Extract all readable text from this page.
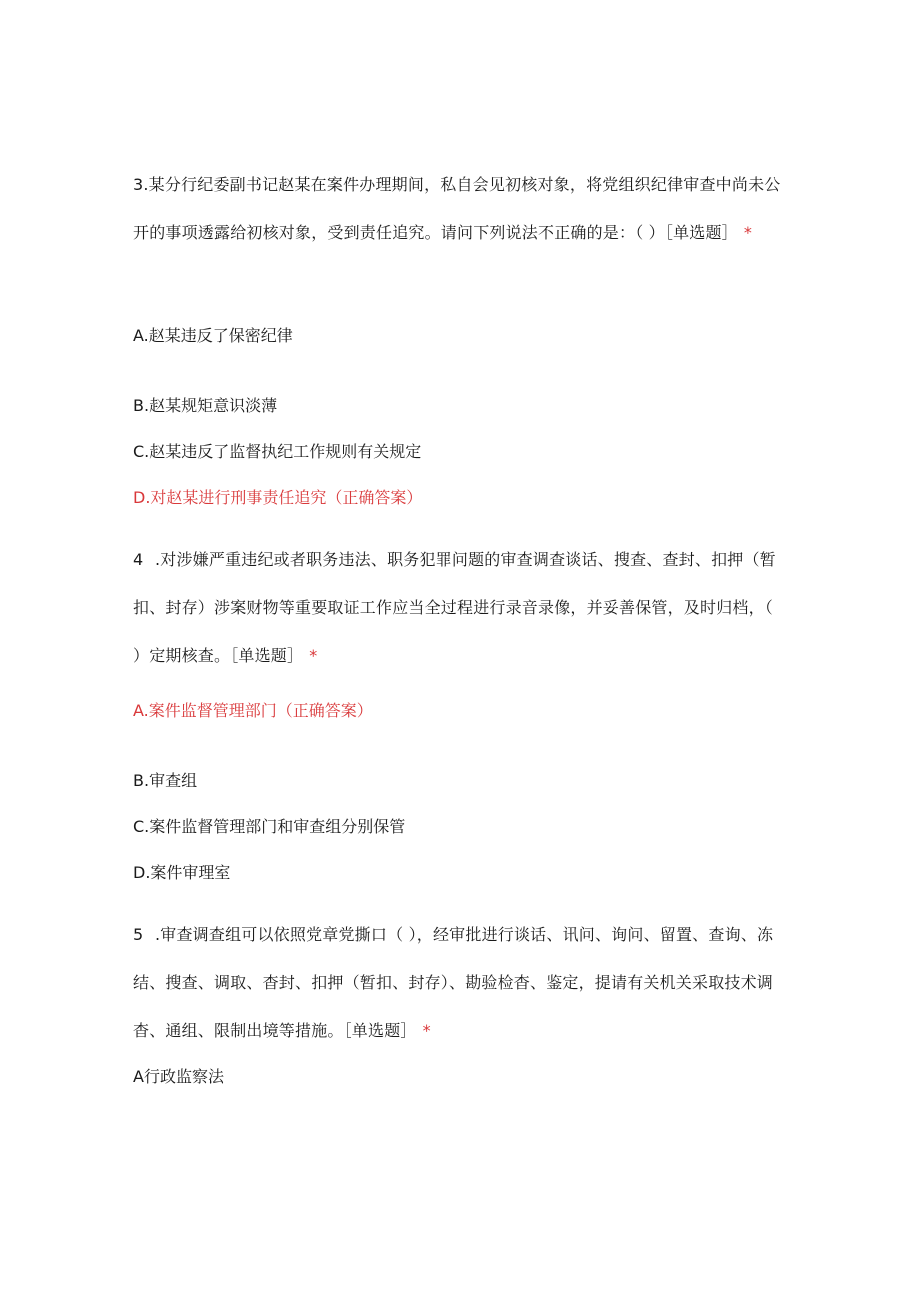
3.某分行纪委副书记赵某在案件办理期间，私自会见初核对象，将党组织纪律审查中尚未公开的事项透露给初核对象，受到责任追究。请问下列说法不正确的是：（ ）［单选题］ *

A.赵某违反了保密纪律

B.赵某规矩意识淡薄

C.赵某违反了监督执纪工作规则有关规定

D.对赵某进行刑事责任追究（正确答案）

4 .对涉嫌严重违纪或者职务违法、职务犯罪问题的审查调查谈话、搜查、查封、扣押（暂扣、封存）涉案财物等重要取证工作应当全过程进行录音录像，并妥善保管，及时归档，（ ）定期核查。［单选题］ *

A.案件监督管理部门（正确答案）

B.审查组

C.案件监督管理部门和审查组分别保管

D.案件审理室

5 .审查调查组可以依照党章党撕口（ ），经审批进行谈话、讯问、询问、留置、查询、冻结、搜查、调取、杳封、扣押（暂扣、封存）、勘验检杳、鉴定，提请有关机关采取技术调杳、通组、限制出境等措施。［单选题］ *

A行政监察法
